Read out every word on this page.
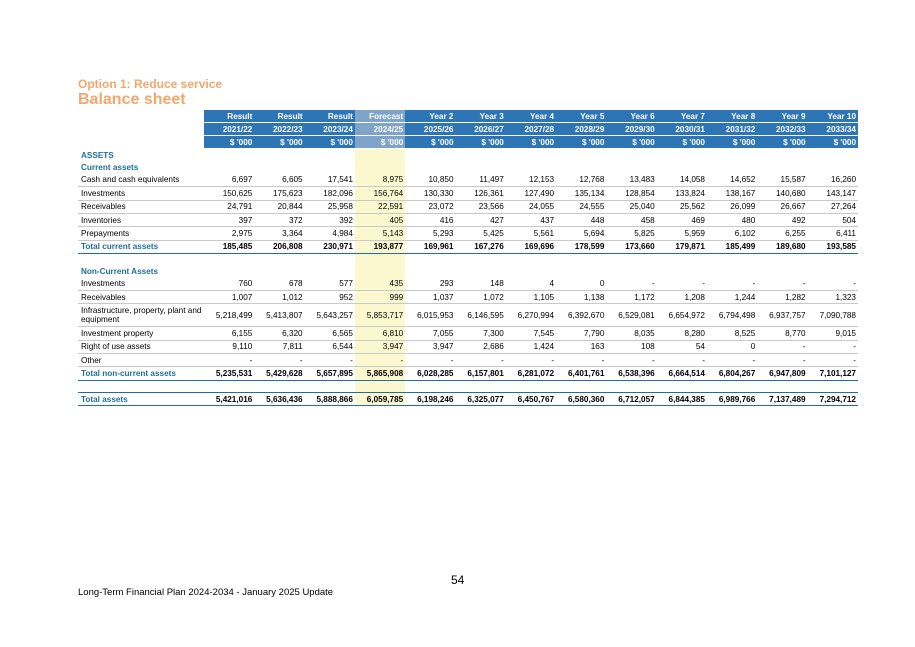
Option 1: Reduce service
Balance sheet
	Result	Result	Result	Forecast	Year 2	Year 3	Year 4	Year 5	Year 6	Year 7	Year 8	Year 9	Year 10
	2021/22	2022/23	2023/24	2024/25	2025/26	2026/27	2027/28	2028/29	2029/30	2030/31	2031/32	2032/33	2033/34
	$ '000	$ '000	$ '000	$ '000	$ '000	$ '000	$ '000	$ '000	$ '000	$ '000	$ '000	$ '000	$ '000
ASSETS													
Current assets													
Cash and cash equivalents	6,697	6,605	17,541	8,975	10,850	11,497	12,153	12,768	13,483	14,058	14,652	15,587	16,260
Investments	150,625	175,623	182,096	156,764	130,330	126,361	127,490	135,134	128,854	133,824	138,167	140,680	143,147
Receivables	24,791	20,844	25,958	22,591	23,072	23,566	24,055	24,555	25,040	25,562	26,099	26,667	27,264
Inventories	397	372	392	405	416	427	437	448	458	469	480	492	504
Prepayments	2,975	3,364	4,984	5,143	5,293	5,425	5,561	5,694	5,825	5,959	6,102	6,255	6,411
Total current assets	185,485	206,808	230,971	193,877	169,961	167,276	169,696	178,599	173,660	179,871	185,499	189,680	193,585

Non-Current Assets													
Investments	760	678	577	435	293	148	4	0	-	-	-	-	-
Receivables	1,007	1,012	952	999	1,037	1,072	1,105	1,138	1,172	1,208	1,244	1,282	1,323
Infrastructure, property, plant and equipment	5,218,499	5,413,807	5,643,257	5,853,717	6,015,953	6,146,595	6,270,994	6,392,670	6,529,081	6,654,972	6,794,498	6,937,757	7,090,788
Investment property	6,155	6,320	6,565	6,810	7,055	7,300	7,545	7,790	8,035	8,280	8,525	8,770	9,015
Right of use assets	9,110	7,811	6,544	3,947	3,947	2,686	1,424	163	108	54	0	-	-
Other	-	-	-	-	-	-	-	-	-	-	-	-	-
Total non-current assets	5,235,531	5,429,628	5,657,895	5,865,908	6,028,285	6,157,801	6,281,072	6,401,761	6,538,396	6,664,514	6,804,267	6,947,809	7,101,127

Total assets	5,421,016	5,636,436	5,888,866	6,059,785	6,198,246	6,325,077	6,450,767	6,580,360	6,712,057	6,844,385	6,989,766	7,137,489	7,294,712
54
Long-Term Financial Plan 2024-2034 - January 2025 Update
